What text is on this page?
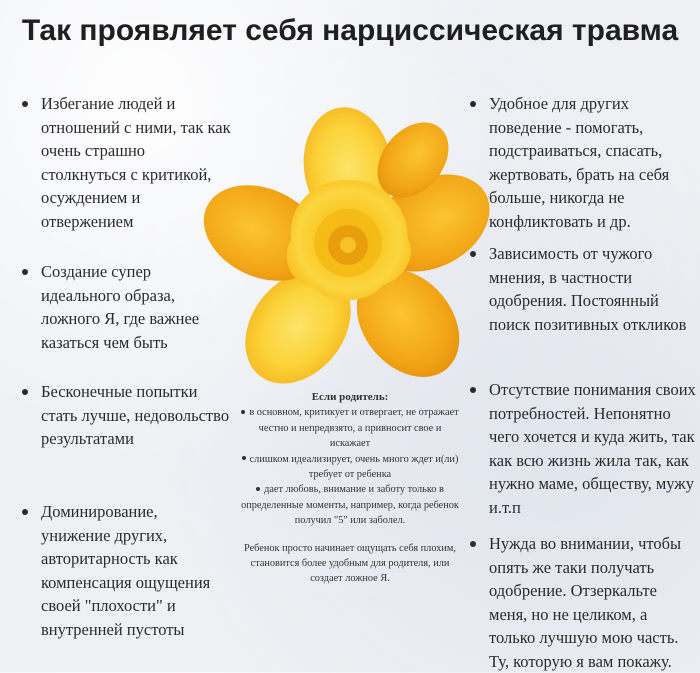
Так проявляет себя нарциссическая травма
Избегание людей и отношений с ними, так как очень страшно столкнуться с критикой, осуждением и отвержением
Создание супер идеального образа, ложного Я, где важнее казаться чем быть
Бесконечные попытки стать лучше, недовольство результатами
Доминирование, унижение других, авторитарность как компенсация ощущения своей "плохости" и внутренней пустоты

Если родитель:

в основном, критикует и отвергает, не отражает честно и непредвзято, а привносит свое и искажает
слишком идеализирует, очень много ждет и(ли) требует от ребенка
дает любовь, внимание и заботу только в определенные моменты, например, когда ребенок получил "5" или заболел.

Ребенок просто начинает ощущать себя плохим, становится более удобным для родителя, или создает ложное Я.

Удобное для других поведение - помогать, подстраиваться, спасать, жертвовать, брать на себя больше, никогда не конфликтовать и др.
Зависимость от чужого мнения, в частности одобрения. Постоянный поиск позитивных откликов
Отсутствие понимания своих потребностей. Непонятно чего хочется и куда жить, так как всю жизнь жила так, как нужно маме, обществу, мужу и.т.п
Нужда во внимании, чтобы опять же таки получать одобрение. Отзеркальте меня, но не целиком, а только лучшую мою часть. Ту, которую я вам покажу.
